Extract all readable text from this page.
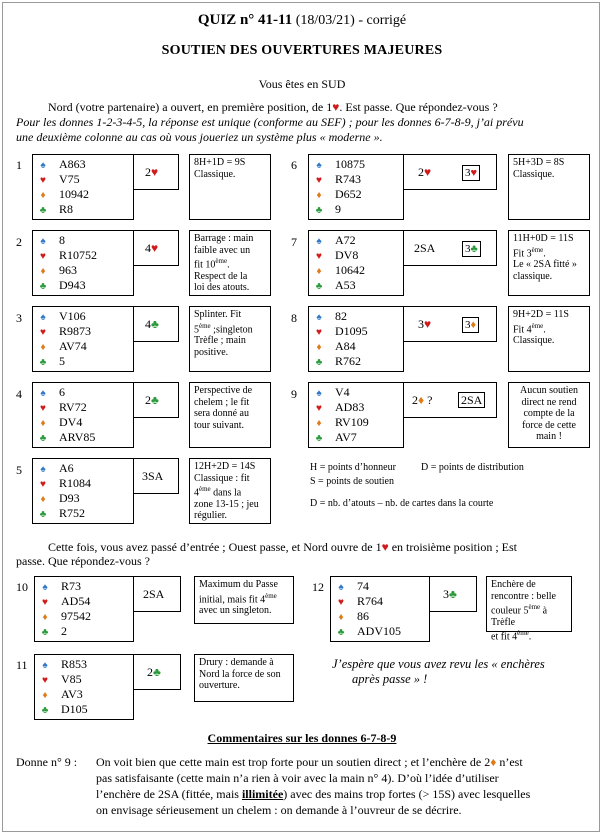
QUIZ n° 41-11 (18/03/21) - corrigé
SOUTIEN DES OUVERTURES MAJEURES
Vous êtes en SUD
Nord (votre partenaire) a ouvert, en première position, de 1♥. Est passe. Que répondez-vous ?
Pour les donnes 1-2-3-4-5, la réponse est unique (conforme au SEF) ; pour les donnes 6-7-8-9, j’ai prévu
une deuxième colonne au cas où vous joueriez un système plus « moderne ».
1	♠ A863
♥ V75
♦ 10942
♣ R8
2♥
8H+1D = 9S
Classique.
2	♠ 8
♥ R10752
♦ 963
♣ D943
4♥
Barrage : main
faible avec un
fit 10ème.
Respect de la
loi des atouts.
3	♠ V106
♥ R9873
♦ AV74
♣ 5
4♣
Splinter. Fit
5ème ;singleton
Trèfle ; main
positive.
4	♠ 6
♥ RV72
♦ DV4
♣ ARV85
2♣
Perspective de
chelem ; le fit
sera donné au
tour suivant.
5	♠ A6
♥ R1084
♦ D93
♣ R752
3SA
12H+2D = 14S
Classique : fit
4ème dans la
zone 13-15 ; jeu
régulier.
6	♠ 10875
♥ R743
♦ D652
♣ 9
2♥	3♥
5H+3D = 8S
Classique.
7	♠ A72
♥ DV8
♦ 10642
♣ A53
2SA	3♣
11H+0D = 11S
Fit 3ème.
Le « 2SA fitté »
classique.
8	♠ 82
♥ D1095
♦ A84
♣ R762
3♥	3♦
9H+2D = 11S
Fit 4ème.
Classique.
9	♠ V4
♥ AD83
♦ RV109
♣ AV7
2♦ ? 2SA
Aucun soutien
direct ne rend
compte de la
force de cette
main !
H = points d’honneur	D = points de distribution
S = points de soutien
D = nb. d’atouts – nb. de cartes dans la courte
Cette fois, vous avez passé d’entrée ; Ouest passe, et Nord ouvre de 1♥ en troisième position ; Est
passe. Que répondez-vous ?
10	♠ R73
♥ AD54
♦ 97542
♣ 2
2SA
Maximum du Passe
initial, mais fit 4ème
avec un singleton.
12	♠ 74
♥ R764
♦ 86
♣ ADV105
3♣
Enchère de
rencontre : belle
couleur 5ème à Trèfle
et fit 4ème.
11	♠ R853
♥ V85
♦ AV3
♣ D105
2♣
Drury : demande à
Nord la force de son
ouverture.
J’espère que vous avez revu les « enchères
après passe » !
Commentaires sur les donnes 6-7-8-9
Donne n° 9 : On voit bien que cette main est trop forte pour un soutien direct ; et l’enchère de 2♦ n’est
pas satisfaisante (cette main n’a rien à voir avec la main n° 4). D’où l’idée d’utiliser
l’enchère de 2SA (fittée, mais illimitée) avec des mains trop fortes (> 15S) avec lesquelles
on envisage sérieusement un chelem : on demande à l’ouvreur de se décrire.
